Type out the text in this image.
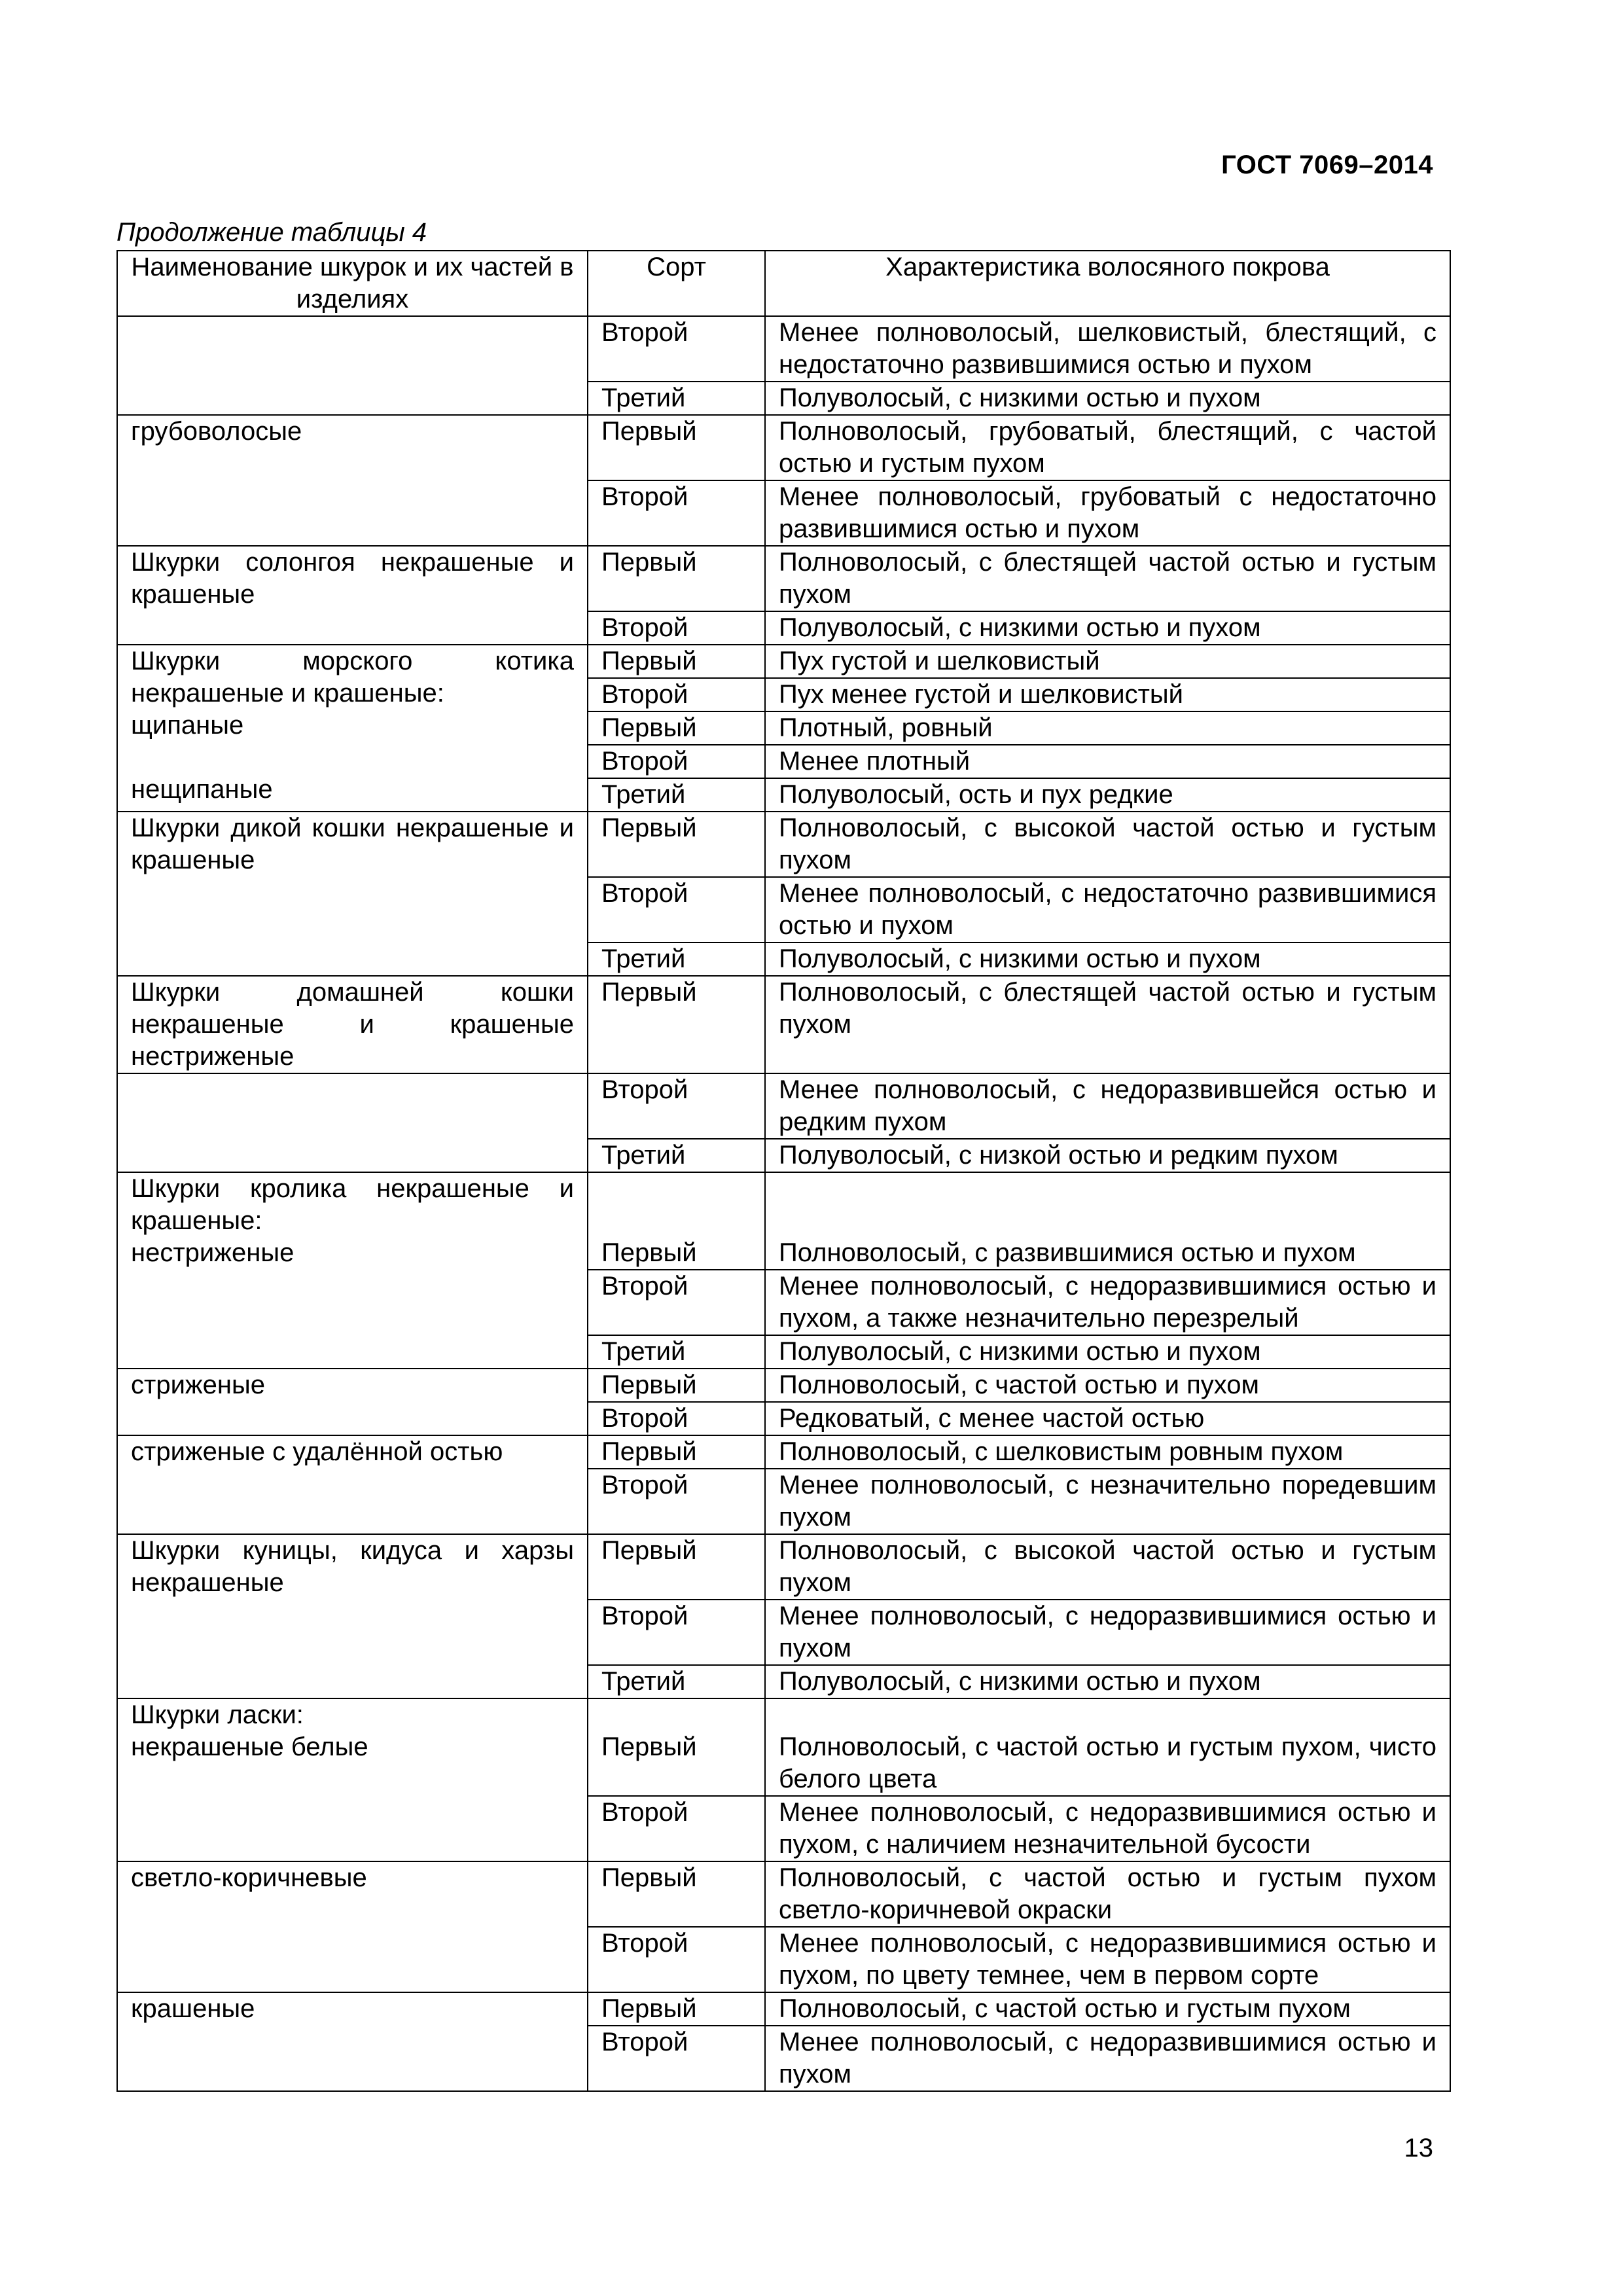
ГОСТ 7069–2014
Продолжение таблицы 4
Наименование шкурок и их частей в изделиях	Сорт	Характеристика волосяного покрова
	Второй	Менее полноволосый, шелковистый, блестящий, с недостаточно развившимися остью и пухом
	Третий	Полуволосый, с низкими остью и пухом
грубоволосые	Первый	Полноволосый, грубоватый, блестящий, с частой остью и густым пухом
	Второй	Менее полноволосый, грубоватый с недостаточно развившимися остью и пухом
Шкурки солонгоя некрашеные и крашеные	Первый	Полноволосый, с блестящей частой остью и густым пухом
	Второй	Полуволосый, с низкими остью и пухом

Шкурки морского котика
некрашеные и крашеные:
щипаные
нещипаные	Первый	Пух густой и шелковистый
	Второй	Пух менее густой и шелковистый
	Первый	Плотный, ровный
	Второй	Менее плотный
	Третий	Полуволосый, ость и пух редкие
Шкурки дикой кошки некрашеные и крашеные	Первый	Полноволосый, с высокой частой остью и густым пухом
	Второй	Менее полноволосый, с недостаточно развившимися остью и пухом
	Третий	Полуволосый, с низкими остью и пухом
Шкурки домашней кошки некрашеные и крашеные нестриженые	Первый	Полноволосый, с блестящей частой остью и густым пухом
	Второй	Менее полноволосый, с недоразвившейся остью и редким пухом
	Третий	Полуволосый, с низкой остью и редким пухом

Шкурки кролика некрашеные и крашеные:
нестриженые	Первый	Полноволосый, с развившимися остью и пухом
	Второй	Менее полноволосый, с недоразвившимися остью и пухом, а также незначительно перезрелый
	Третий	Полуволосый, с низкими остью и пухом
стриженые	Первый	Полноволосый, с частой остью и пухом
	Второй	Редковатый, с менее частой остью
стриженые с удалённой остью	Первый	Полноволосый, с шелковистым ровным пухом
	Второй	Менее полноволосый, с незначительно поредевшим пухом
Шкурки куницы, кидуса и харзы некрашеные	Первый	Полноволосый, с высокой частой остью и густым пухом
	Второй	Менее полноволосый, с недоразвившимися остью и пухом
	Третий	Полуволосый, с низкими остью и пухом

Шкурки ласки:
некрашеные белые	Первый	Полноволосый, с частой остью и густым пухом, чисто белого цвета
	Второй	Менее полноволосый, с недоразвившимися остью и пухом, с наличием незначительной бусости
светло-коричневые	Первый	Полноволосый, с частой остью и густым пухом светло-коричневой окраски
	Второй	Менее полноволосый, с недоразвившимися остью и пухом, по цвету темнее, чем в первом сорте
крашеные	Первый	Полноволосый, с частой остью и густым пухом
	Второй	Менее полноволосый, с недоразвившимися остью и пухом
13
